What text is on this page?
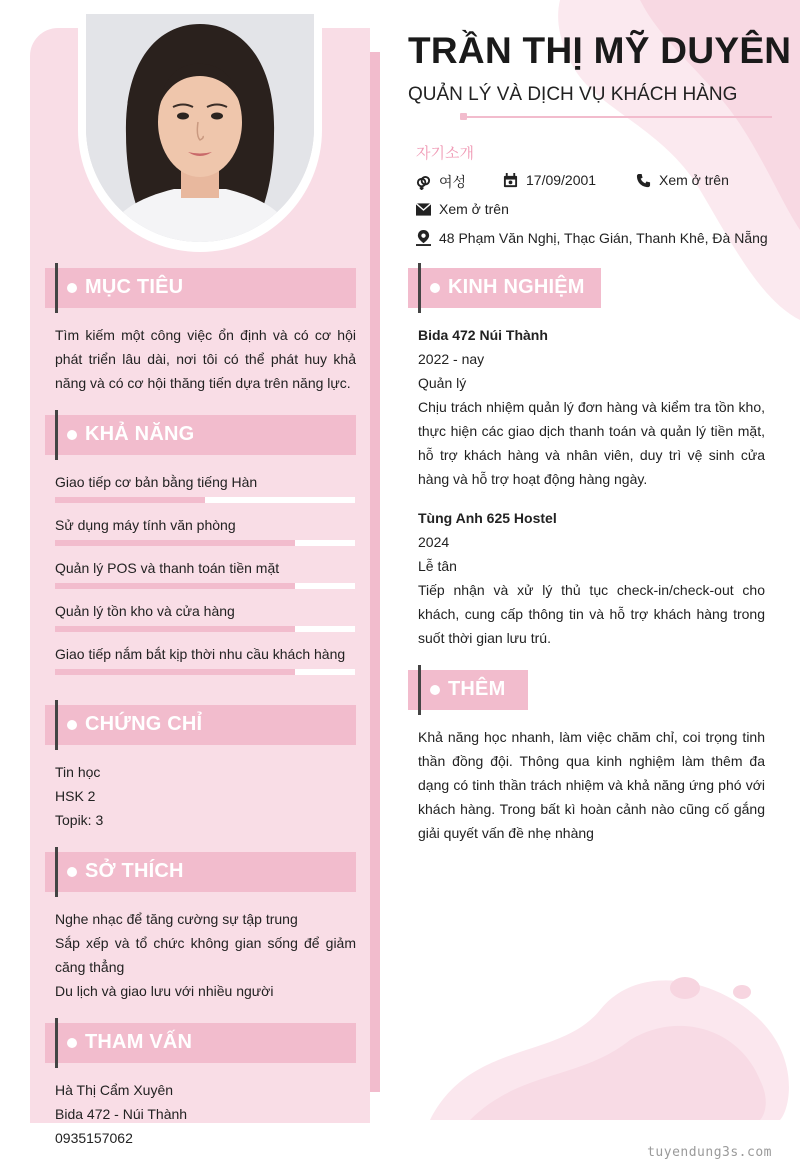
TRẦN THỊ MỸ DUYÊN
QUẢN LÝ VÀ DỊCH VỤ KHÁCH HÀNG
자기소개
여성	17/09/2001	Xem ở trên
Xem ở trên
48 Phạm Văn Nghị, Thạc Gián, Thanh Khê, Đà Nẵng
MỤC TIÊU
Tìm kiếm một công việc ổn định và có cơ hội phát triển lâu dài, nơi tôi có thể phát huy khả năng và có cơ hội thăng tiến dựa trên năng lực.
KHẢ NĂNG
Giao tiếp cơ bản bằng tiếng Hàn
Sử dụng máy tính văn phòng
Quản lý POS và thanh toán tiền mặt
Quản lý tồn kho và cửa hàng
Giao tiếp nắm bắt kịp thời nhu cầu khách hàng
CHỨNG CHỈ
Tin học
HSK 2
Topik: 3
SỞ THÍCH
Nghe nhạc để tăng cường sự tập trung
Sắp xếp và tổ chức không gian sống để giảm căng thẳng
Du lịch và giao lưu với nhiều người
THAM VẤN
Hà Thị Cẩm Xuyên
Bida 472 - Núi Thành
0935157062
KINH NGHIỆM
Bida 472 Núi Thành
2022 - nay
Quản lý
Chịu trách nhiệm quản lý đơn hàng và kiểm tra tồn kho, thực hiện các giao dịch thanh toán và quản lý tiền mặt, hỗ trợ khách hàng và nhân viên, duy trì vệ sinh cửa hàng và hỗ trợ hoạt động hàng ngày.
Tùng Anh 625 Hostel
2024
Lễ tân
Tiếp nhận và xử lý thủ tục check-in/check-out cho khách, cung cấp thông tin và hỗ trợ khách hàng trong suốt thời gian lưu trú.
THÊM
Khả năng học nhanh, làm việc chăm chỉ, coi trọng tinh thần đồng đội. Thông qua kinh nghiệm làm thêm đa dạng có tinh thần trách nhiệm và khả năng ứng phó với khách hàng. Trong bất kì hoàn cảnh nào cũng cố gắng giải quyết vấn đề nhẹ nhàng
tuyendung3s.com
